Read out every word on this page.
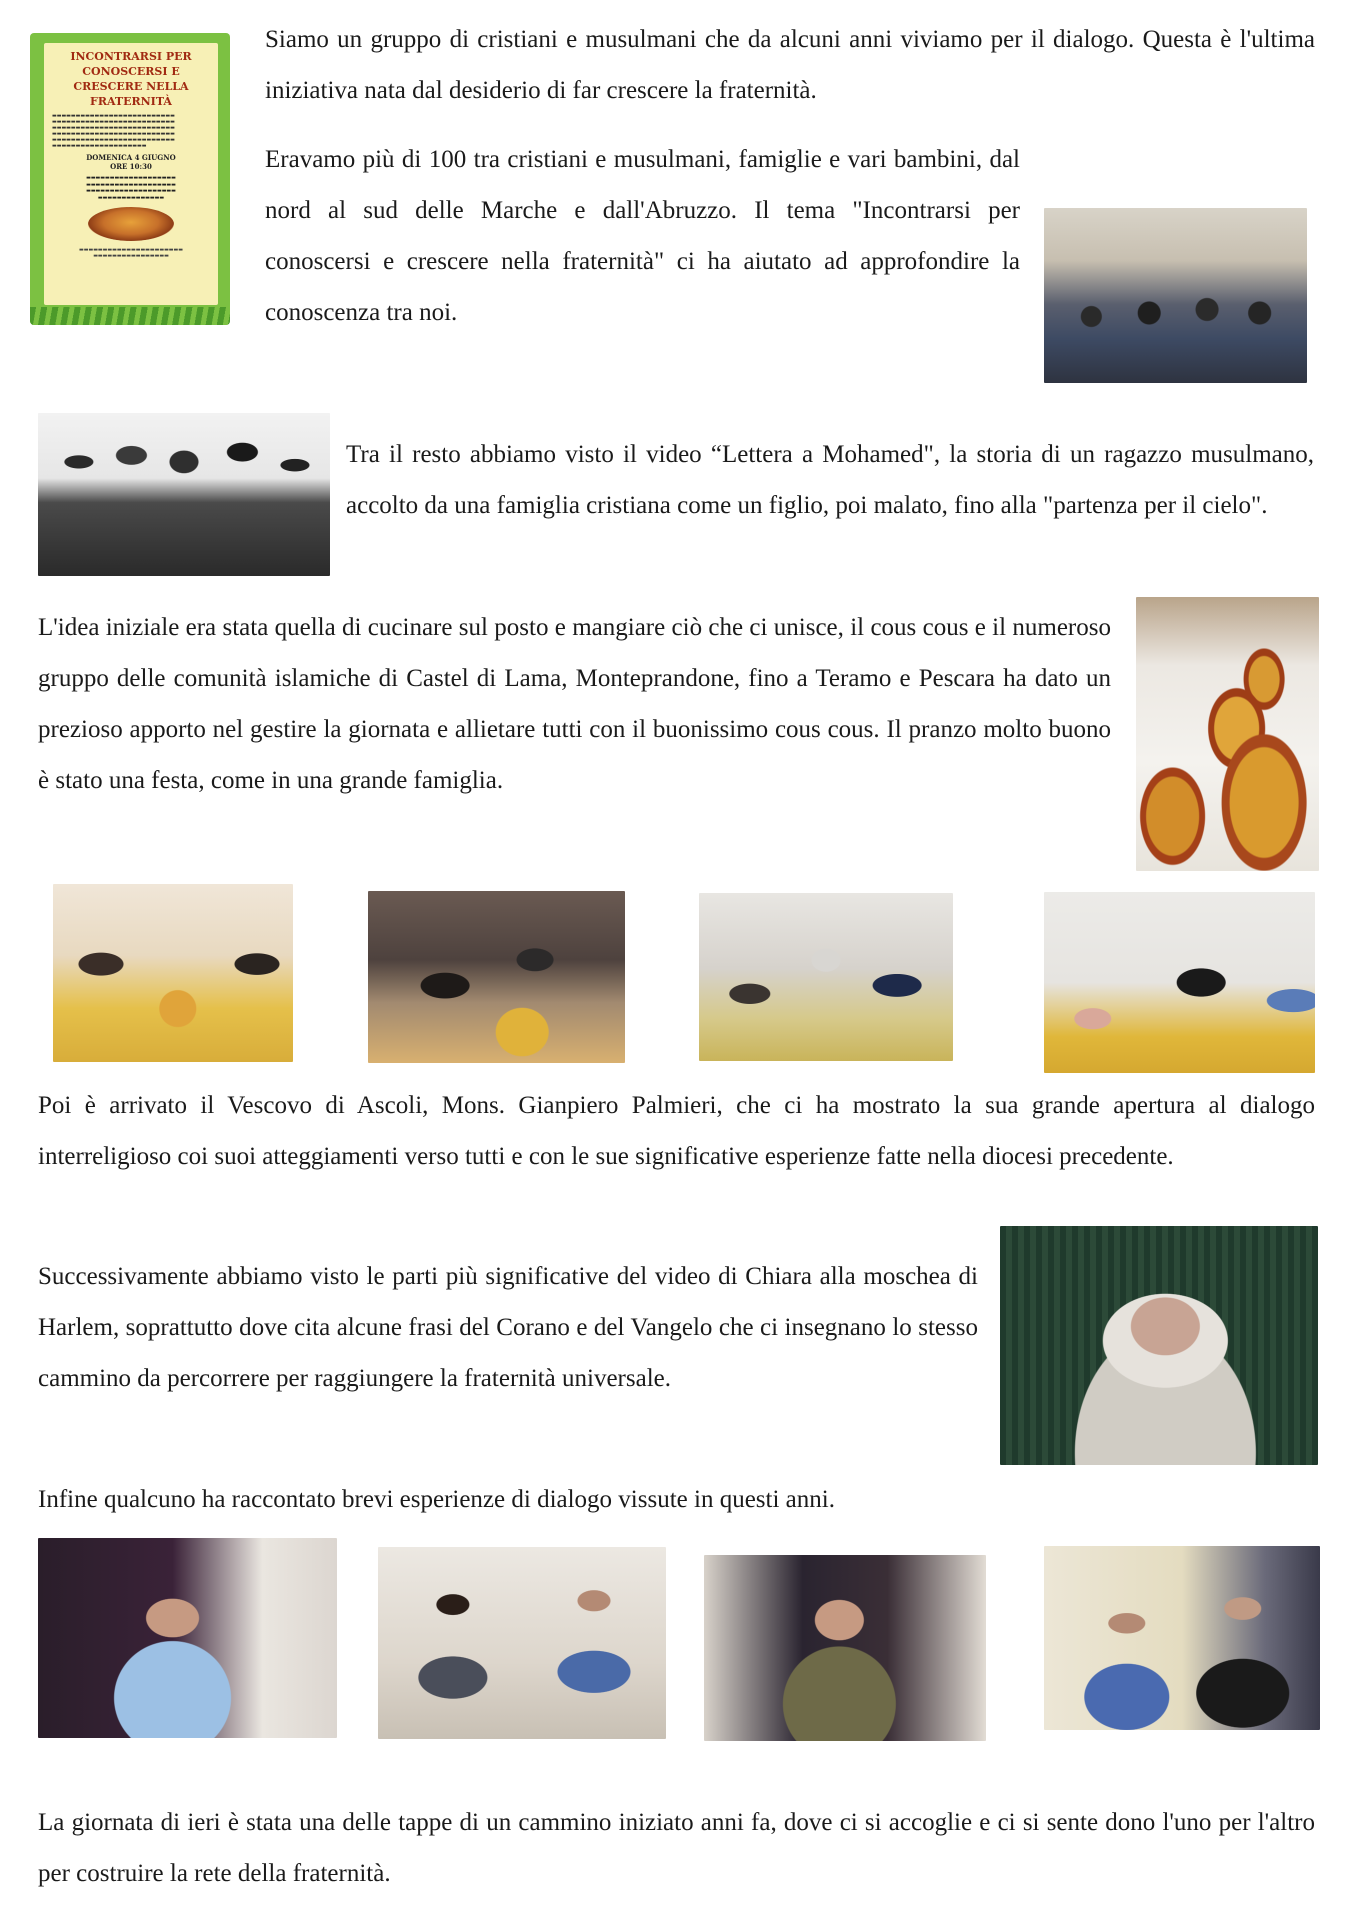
INCONTRARSI PER CONOSCERSI E CRESCERE NELLA FRATERNITÀ
▬▬▬▬▬▬▬▬▬▬▬▬▬▬▬▬▬▬▬▬▬▬▬▬▬▬
▬▬▬▬▬▬▬▬▬▬▬▬▬▬▬▬▬▬▬▬▬▬▬▬▬▬
▬▬▬▬▬▬▬▬▬▬▬▬▬▬▬▬▬▬▬▬▬▬▬▬▬▬
▬▬▬▬▬▬▬▬▬▬▬▬▬▬▬▬▬▬▬▬▬▬▬▬▬▬
▬▬▬▬▬▬▬▬▬▬▬▬▬▬▬▬▬▬▬▬▬▬▬▬▬▬
▬▬▬▬▬▬▬▬▬▬▬▬▬▬▬▬▬▬▬▬
DOMENICA 4 GIUGNO
ORE 10:30
▬▬▬▬▬▬▬▬▬▬▬▬▬▬▬▬▬▬▬
▬▬▬▬▬▬▬▬▬▬▬▬▬▬▬▬▬▬▬
▬▬▬▬▬▬▬▬▬▬▬▬▬▬▬▬▬▬▬
▬▬▬▬▬▬▬▬▬▬▬▬▬▬
▬▬▬▬▬▬▬▬▬▬▬▬▬▬▬▬▬▬▬▬▬▬
▬▬▬▬▬▬▬▬▬▬▬▬▬▬▬▬

Siamo un gruppo di cristiani e musulmani che da alcuni anni viviamo per il dialogo. Questa è l'ultima iniziativa nata dal desiderio di far crescere la fraternità.

Eravamo più di 100 tra cristiani e musulmani, famiglie e vari bambini, dal nord al sud delle Marche e dall'Abruzzo. Il tema "Incontrarsi per conoscersi e crescere nella fraternità" ci ha aiutato ad approfondire la conoscenza tra noi.

Tra il resto abbiamo visto il video “Lettera a Mohamed", la storia di un ragazzo musulmano, accolto da una famiglia cristiana come un figlio, poi malato, fino alla "partenza per il cielo".

L'idea iniziale era stata quella di cucinare sul posto e mangiare ciò che ci unisce, il cous cous e il numeroso gruppo delle comunità islamiche di Castel di Lama, Monteprandone, fino a Teramo e Pescara ha dato un prezioso apporto nel gestire la giornata e allietare tutti con il buonissimo cous cous. Il pranzo molto buono è stato una festa, come in una grande famiglia.

Poi è arrivato il Vescovo di Ascoli, Mons. Gianpiero Palmieri, che ci ha mostrato la sua grande apertura al dialogo interreligioso coi suoi atteggiamenti verso tutti e con le sue significative esperienze fatte nella diocesi precedente.

Successivamente abbiamo visto le parti più significative del video di Chiara alla moschea di Harlem, soprattutto dove cita alcune frasi del Corano e del Vangelo che ci insegnano lo stesso cammino da percorrere per raggiungere la fraternità universale.

Infine qualcuno ha raccontato brevi esperienze di dialogo vissute in questi anni.

La giornata di ieri è stata una delle tappe di un cammino iniziato anni fa, dove ci si accoglie e ci si sente dono l'uno per l'altro per costruire la rete della fraternità.
